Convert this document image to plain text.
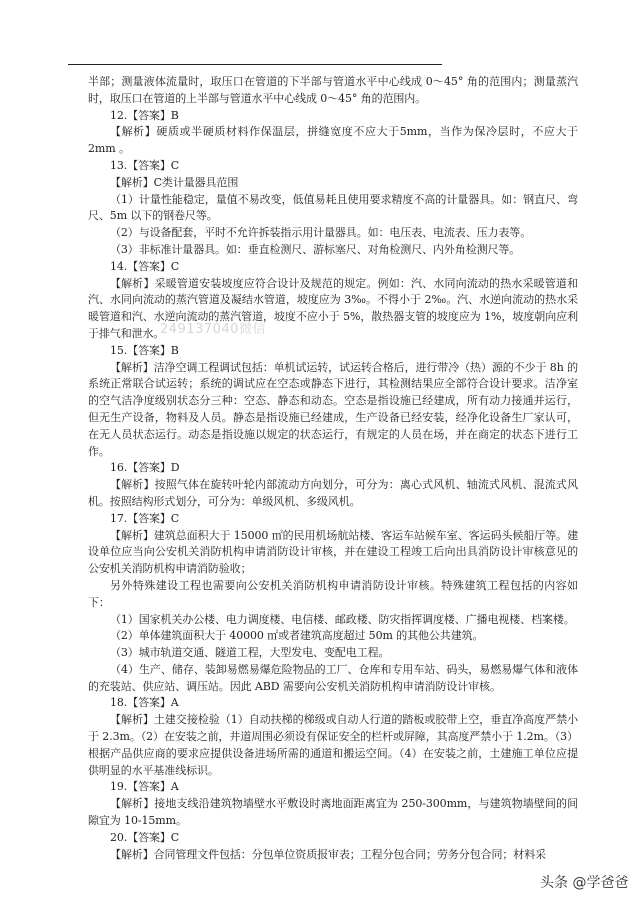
半部；测量液体流量时，取压口在管道的下半部与管道水平中心线成 0～45° 角的范围内；测量蒸汽时，取压口在管道的上半部与管道水平中心线成 0～45° 角的范围内。

12.【答案】B

【解析】硬质或半硬质材料作保温层，拼缝宽度不应大于5mm，当作为保冷层时，不应大于2mm 。

13.【答案】C

【解析】C类计量器具范围

（1）计量性能稳定，量值不易改变，低值易耗且使用要求精度不高的计量器具。如：钢直尺、弯尺、5m 以下的钢卷尺等。

（2）与设备配套，平时不允许拆装指示用计量器具。如：电压表、电流表、压力表等。

（3）非标准计量器具。如：垂直检测尺、游标塞尺、对角检测尺、内外角检测尺等。

14.【答案】C

【解析】采暖管道安装坡度应符合设计及规范的规定。例如：汽、水同向流动的热水采暖管道和汽、水同向流动的蒸汽管道及凝结水管道，坡度应为 3‰。不得小于 2‰。汽、水逆向流动的热水采暖管道和汽、水逆向流动的蒸汽管道，坡度不应小于 5%，散热器支管的坡度应为 1%，坡度朝向应利于排气和泄水。

15.【答案】B

【解析】洁净空调工程调试包括：单机试运转，试运转合格后，进行带冷（热）源的不少于 8h 的系统正常联合试运转；系统的调试应在空态或静态下进行，其检测结果应全部符合设计要求。洁净室的空气洁净度级别状态分三种：空态、静态和动态。空态是指设施已经建成，所有动力接通并运行，但无生产设备，物料及人员。静态是指设施已经建成，生产设备已经安装，经净化设备生厂家认可，在无人员状态运行。动态是指设施以规定的状态运行，有规定的人员在场，并在商定的状态下进行工作。

16.【答案】D

【解析】按照气体在旋转叶轮内部流动方向划分，可分为：离心式风机、轴流式风机、混流式风机。按照结构形式划分，可分为：单级风机、多级风机。

17.【答案】C

【解析】建筑总面积大于 15000 ㎡的民用机场航站楼、客运车站候车室、客运码头候船厅等。建设单位应当向公安机关消防机构申请消防设计审核，并在建设工程竣工后向出具消防设计审核意见的公安机关消防机构申请消防验收；

另外特殊建设工程也需要向公安机关消防机构申请消防设计审核。特殊建筑工程包括的内容如下：

（1）国家机关办公楼、电力调度楼、电信楼、邮政楼、防灾指挥调度楼、广播电视楼、档案楼。

（2）单体建筑面积大于 40000 ㎡或者建筑高度超过 50m 的其他公共建筑。

（3）城市轨道交通、隧道工程，大型发电、变配电工程。

（4）生产、储存、装卸易燃易爆危险物品的工厂、仓库和专用车站、码头，易燃易爆气体和液体的充装站、供应站、调压站。因此 ABD 需要向公安机关消防机构申请消防设计审核。

18.【答案】A

【解析】土建交接检验（1）自动扶梯的梯级或自动人行道的踏板或胶带上空，垂直净高度严禁小于 2.3m。（2）在安装之前，井道周围必须设有保证安全的栏杆或屏障，其高度严禁小于 1.2m。（3）根据产品供应商的要求应提供设备进场所需的通道和搬运空间。（4）在安装之前，土建施工单位应提供明显的水平基准线标识。

19.【答案】A

【解析】接地支线沿建筑物墙壁水平敷设时离地面距离宜为 250-300mm，与建筑物墙壁间的间隙宜为 10-15mm。

20.【答案】C

【解析】合同管理文件包括：分包单位资质报审表；工程分包合同；劳务分包合同；材料采

249137040微信
头条 @学爸爸
